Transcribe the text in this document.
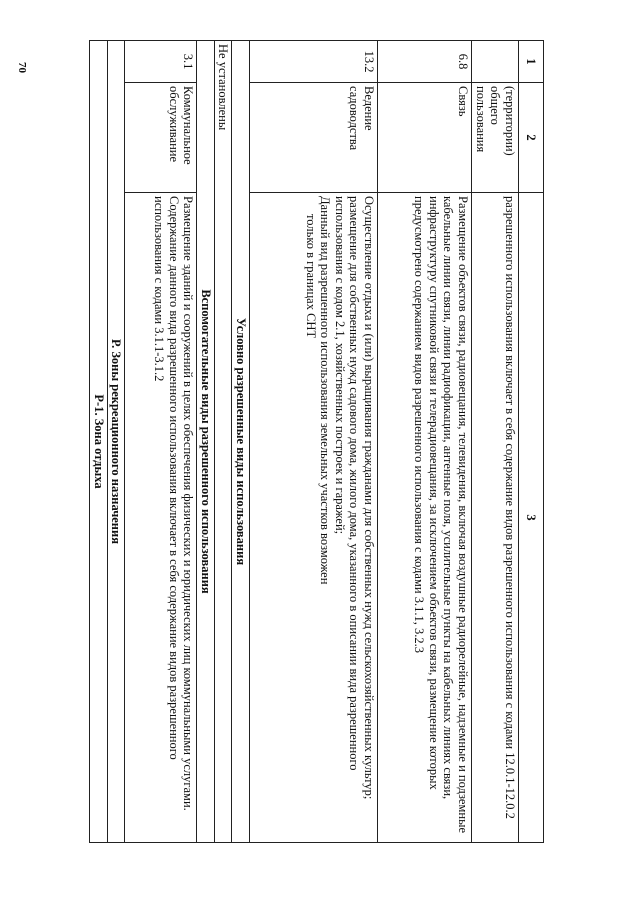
70
1	2	3
	(территории) общего пользования	разрешенного использования включает в себя содержание видов разрешенного использования с кодами 12.0.1-12.0.2
6.8	Связь	Размещение объектов связи, радиовещания, телевидения, включая воздушные радиорелейные, надземные и подземные кабельные линии связи, линии радиофикации, антенные поля, усилительные пункты на кабельных линиях связи, инфраструктуру спутниковой связи и телерадиовещания, за исключением объектов связи, размещение которых предусмотрено содержанием видов разрешенного использования с кодами 3.1.1, 3.2.3
13.2	Ведение садоводства	Осуществление отдыха и (или) выращивания гражданами для собственных нужд сельскохозяйственных культур;
размещение для собственных нужд садового дома, жилого дома, указанного в описании вида разрешенного использования с кодом 2.1, хозяйственных построек и гаражей;
Данный вид разрешенного использования земельных участков возможен
только в границах СНТ

Условно разрешенные виды использования		
Не установлены		
Вспомогательные виды разрешенного использования		
3.1	Коммунальное обслуживание	Размещение зданий и сооружений в целях обеспечения физических и юридических лиц коммунальными услугами. Содержание данного вида разрешенного использования включает в себя содержание видов разрешенного использования с кодами 3.1.1-3.1.2
Р. Зоны рекреационного назначения		
Р-1. Зона отдыха		
